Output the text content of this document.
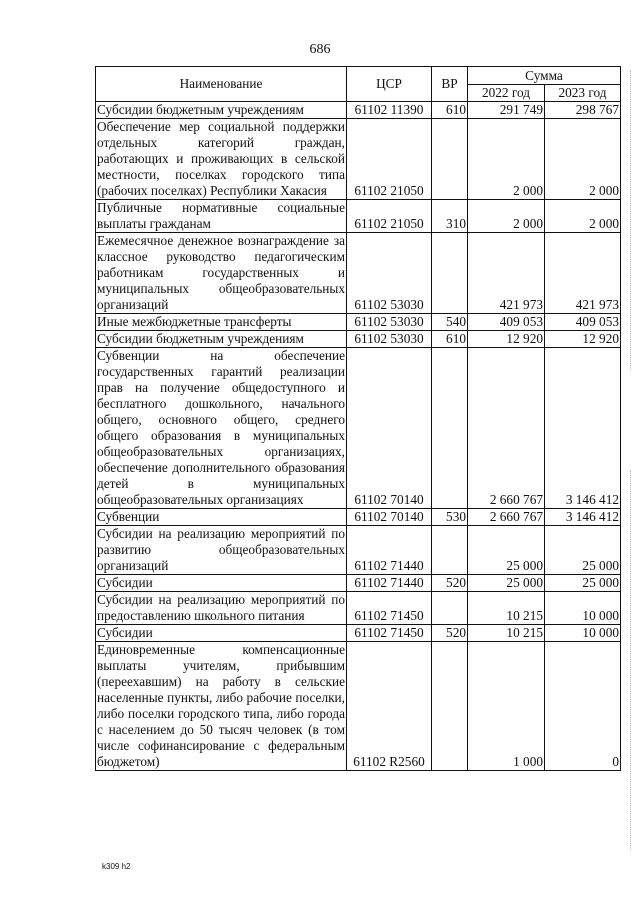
686
Наименование	ЦСР	ВР	Сумма	
			2022 год	2023 год
Субсидии бюджетным учреждениям	61102 11390	610	291 749	298 767
Обеспечение мер социальной поддержки отдельных категорий граждан, работающих и проживающих в сельской местности, поселках городского типа (рабочих поселках) Республики Хакасия	61102 21050		2 000	2 000
Публичные нормативные социальные выплаты гражданам	61102 21050	310	2 000	2 000
Ежемесячное денежное вознаграждение за классное руководство педагогическим работникам государственных и муниципальных общеобразовательных организаций	61102 53030		421 973	421 973
Иные межбюджетные трансферты	61102 53030	540	409 053	409 053
Субсидии бюджетным учреждениям	61102 53030	610	12 920	12 920
Субвенции на обеспечение государственных гарантий реализации прав на получение общедоступного и бесплатного дошкольного, начального общего, основного общего, среднего общего образования в муниципальных общеобразовательных организациях, обеспечение дополнительного образования детей в муниципальных общеобразовательных организациях	61102 70140		2 660 767	3 146 412
Субвенции	61102 70140	530	2 660 767	3 146 412
Субсидии на реализацию мероприятий по развитию общеобразовательных организаций	61102 71440		25 000	25 000
Субсидии	61102 71440	520	25 000	25 000
Субсидии на реализацию мероприятий по предоставлению школьного питания	61102 71450		10 215	10 000
Субсидии	61102 71450	520	10 215	10 000
Единовременные компенсационные выплаты учителям, прибывшим (переехавшим) на работу в сельские населенные пункты, либо рабочие поселки, либо поселки городского типа, либо города с населением до 50 тысяч человек (в том числе софинансирование с федеральным бюджетом)	61102 R2560		1 000	0
k309 h2
